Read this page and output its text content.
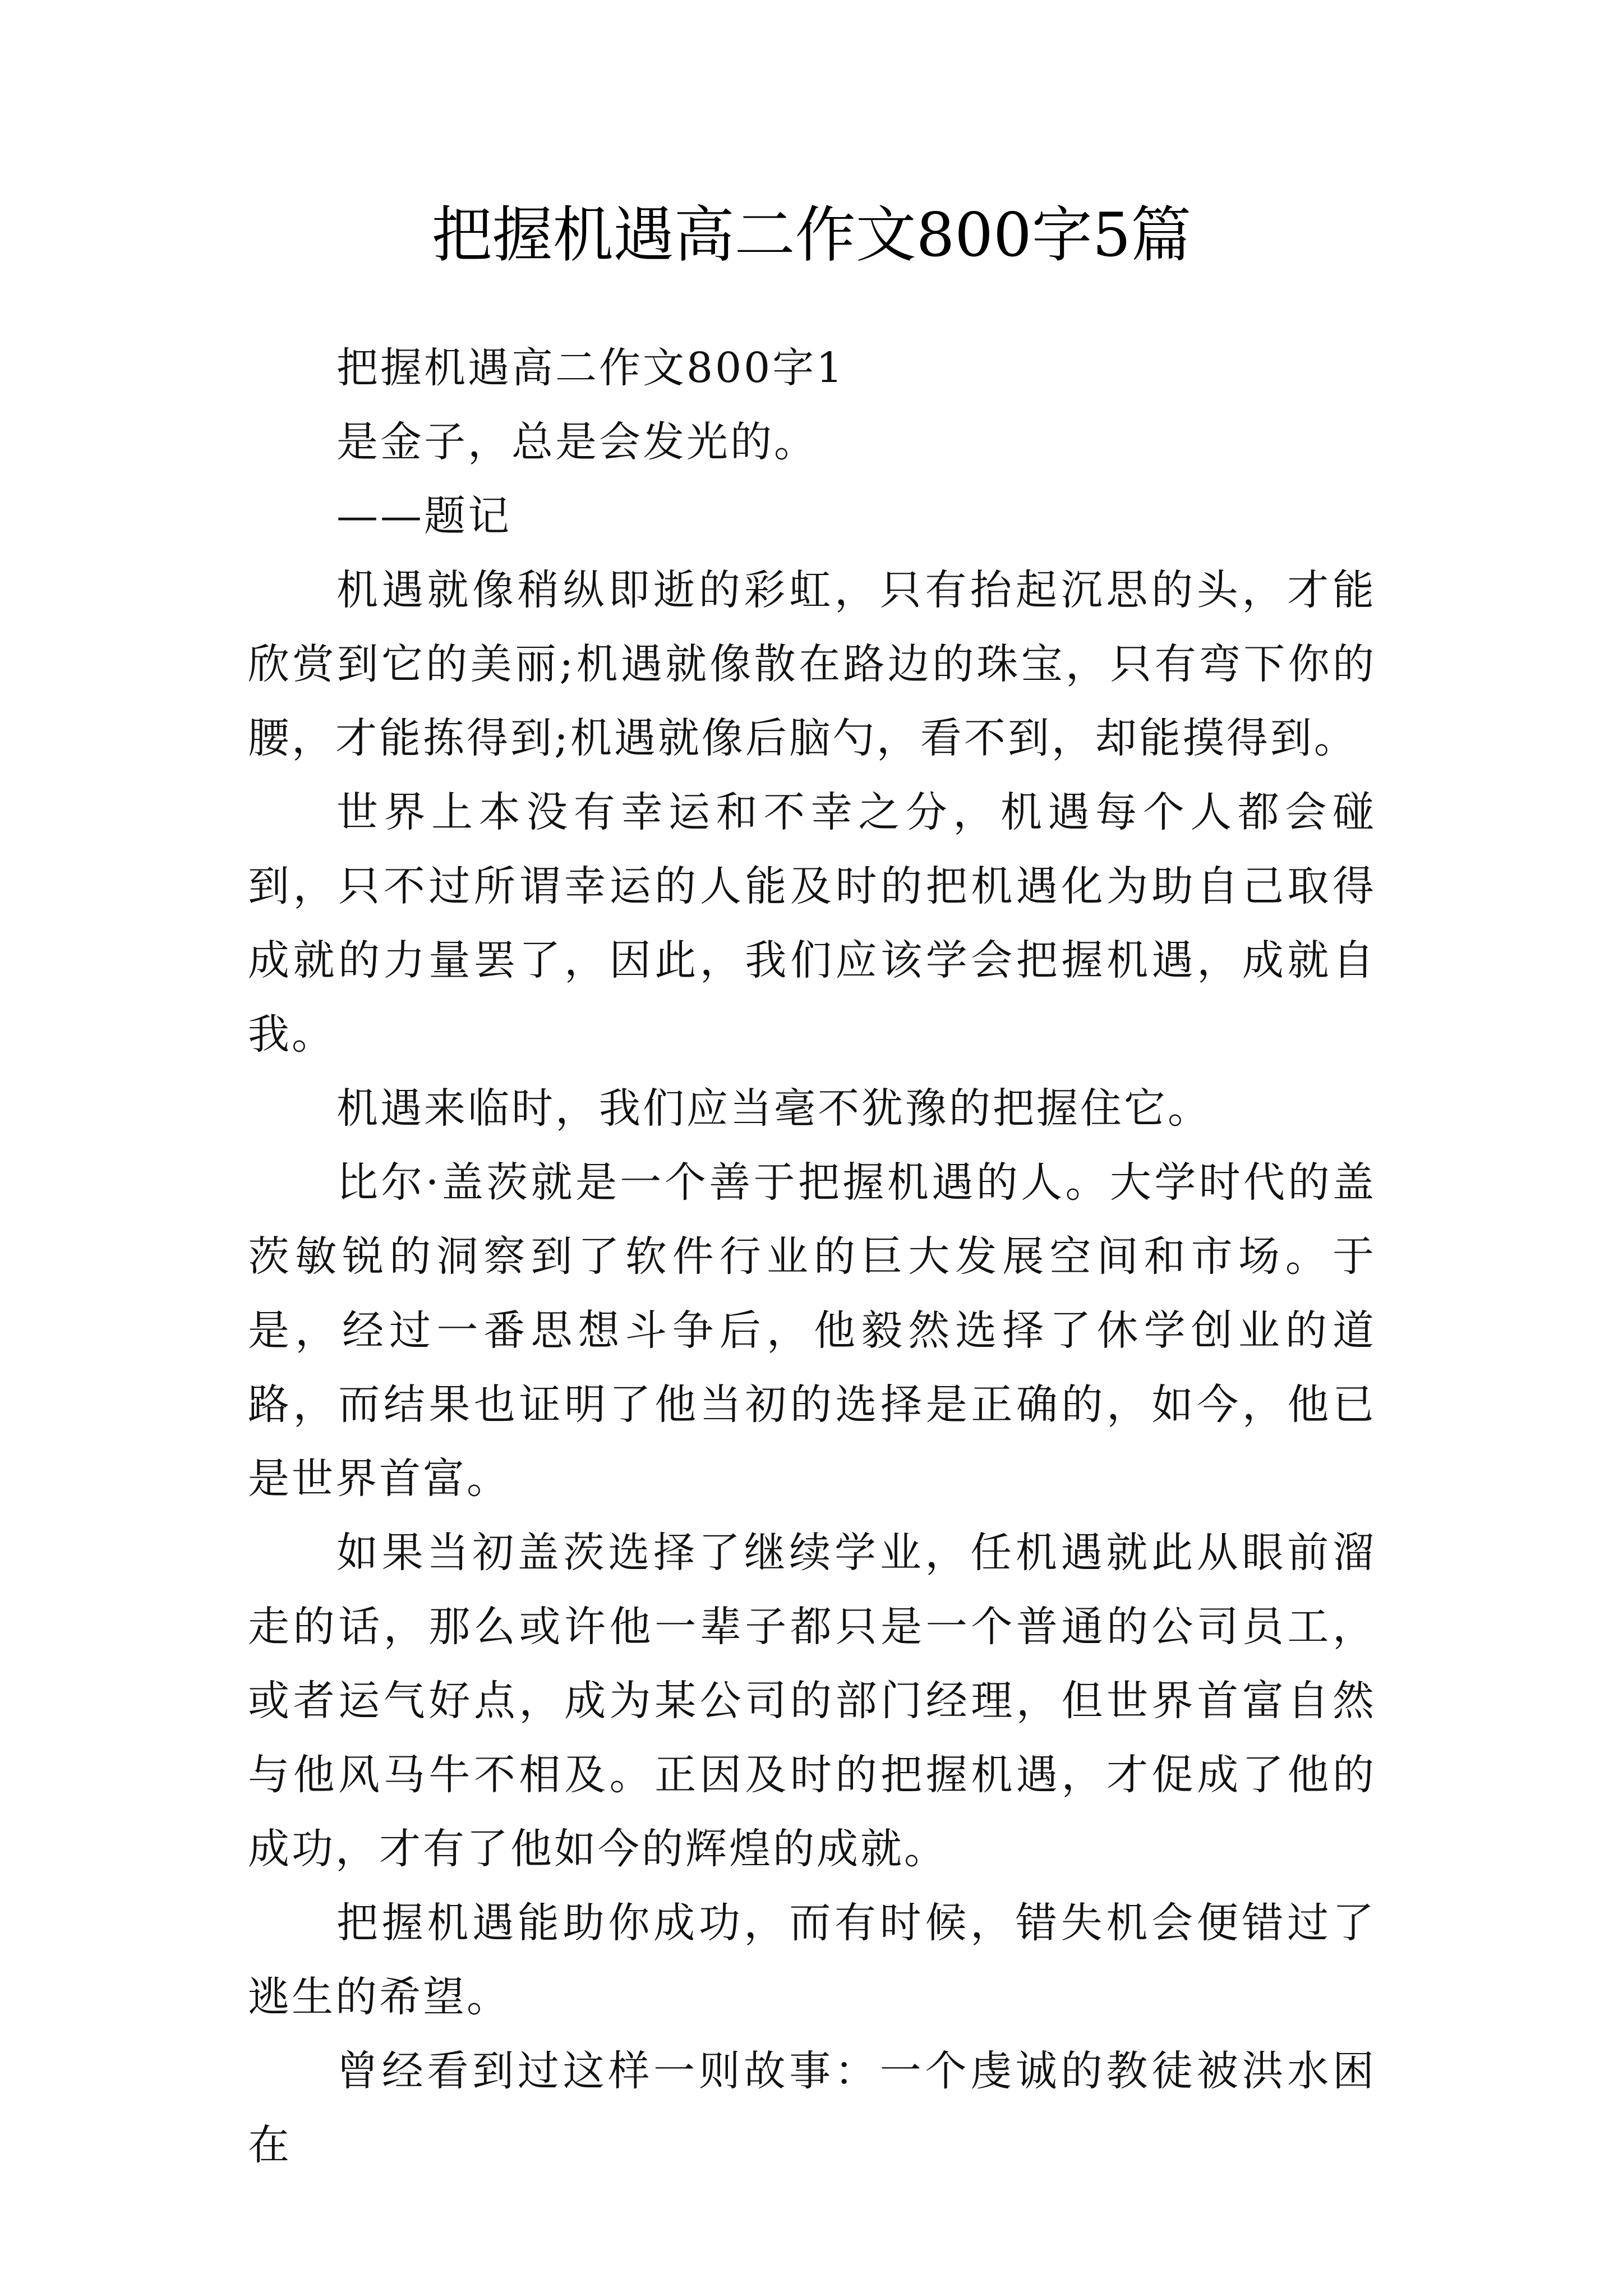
把握机遇高二作文800字5篇

把握机遇高二作文800字1

是金子，总是会发光的。

——题记

机遇就像稍纵即逝的彩虹，只有抬起沉思的头，才能欣赏到它的美丽;机遇就像散在路边的珠宝，只有弯下你的腰，才能拣得到;机遇就像后脑勺，看不到，却能摸得到。

世界上本没有幸运和不幸之分，机遇每个人都会碰到，只不过所谓幸运的人能及时的把机遇化为助自己取得成就的力量罢了，因此，我们应该学会把握机遇，成就自我。

机遇来临时，我们应当毫不犹豫的把握住它。

比尔·盖茨就是一个善于把握机遇的人。大学时代的盖茨敏锐的洞察到了软件行业的巨大发展空间和市场。于是，经过一番思想斗争后，他毅然选择了休学创业的道路，而结果也证明了他当初的选择是正确的，如今，他已是世界首富。

如果当初盖茨选择了继续学业，任机遇就此从眼前溜走的话，那么或许他一辈子都只是一个普通的公司员工，或者运气好点，成为某公司的部门经理，但世界首富自然与他风马牛不相及。正因及时的把握机遇，才促成了他的成功，才有了他如今的辉煌的成就。

把握机遇能助你成功，而有时候，错失机会便错过了逃生的希望。

曾经看到过这样一则故事：一个虔诚的教徒被洪水困在
